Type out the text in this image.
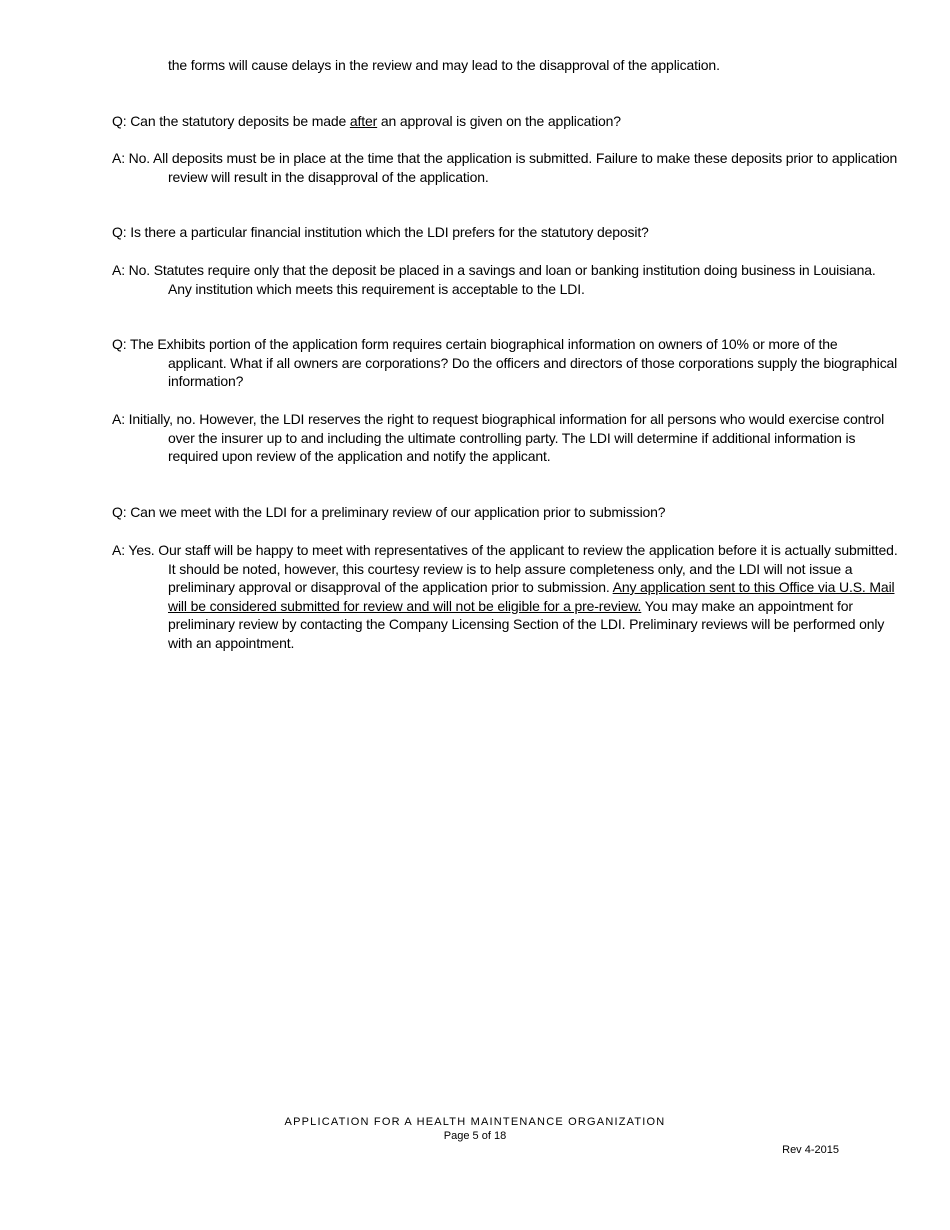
the forms will cause delays in the review and may lead to the disapproval of the application.
Q: Can the statutory deposits be made after an approval is given on the application?
A: No. All deposits must be in place at the time that the application is submitted. Failure to make these deposits prior to application review will result in the disapproval of the application.
Q: Is there a particular financial institution which the LDI prefers for the statutory deposit?
A: No. Statutes require only that the deposit be placed in a savings and loan or banking institution doing business in Louisiana. Any institution which meets this requirement is acceptable to the LDI.
Q: The Exhibits portion of the application form requires certain biographical information on owners of 10% or more of the applicant. What if all owners are corporations? Do the officers and directors of those corporations supply the biographical information?
A: Initially, no. However, the LDI reserves the right to request biographical information for all persons who would exercise control over the insurer up to and including the ultimate controlling party. The LDI will determine if additional information is required upon review of the application and notify the applicant.
Q: Can we meet with the LDI for a preliminary review of our application prior to submission?
A: Yes. Our staff will be happy to meet with representatives of the applicant to review the application before it is actually submitted. It should be noted, however, this courtesy review is to help assure completeness only, and the LDI will not issue a preliminary approval or disapproval of the application prior to submission. Any application sent to this Office via U.S. Mail will be considered submitted for review and will not be eligible for a pre-review. You may make an appointment for preliminary review by contacting the Company Licensing Section of the LDI. Preliminary reviews will be performed only with an appointment.
APPLICATION FOR A HEALTH MAINTENANCE ORGANIZATION
Page 5 of 18
Rev 4-2015
